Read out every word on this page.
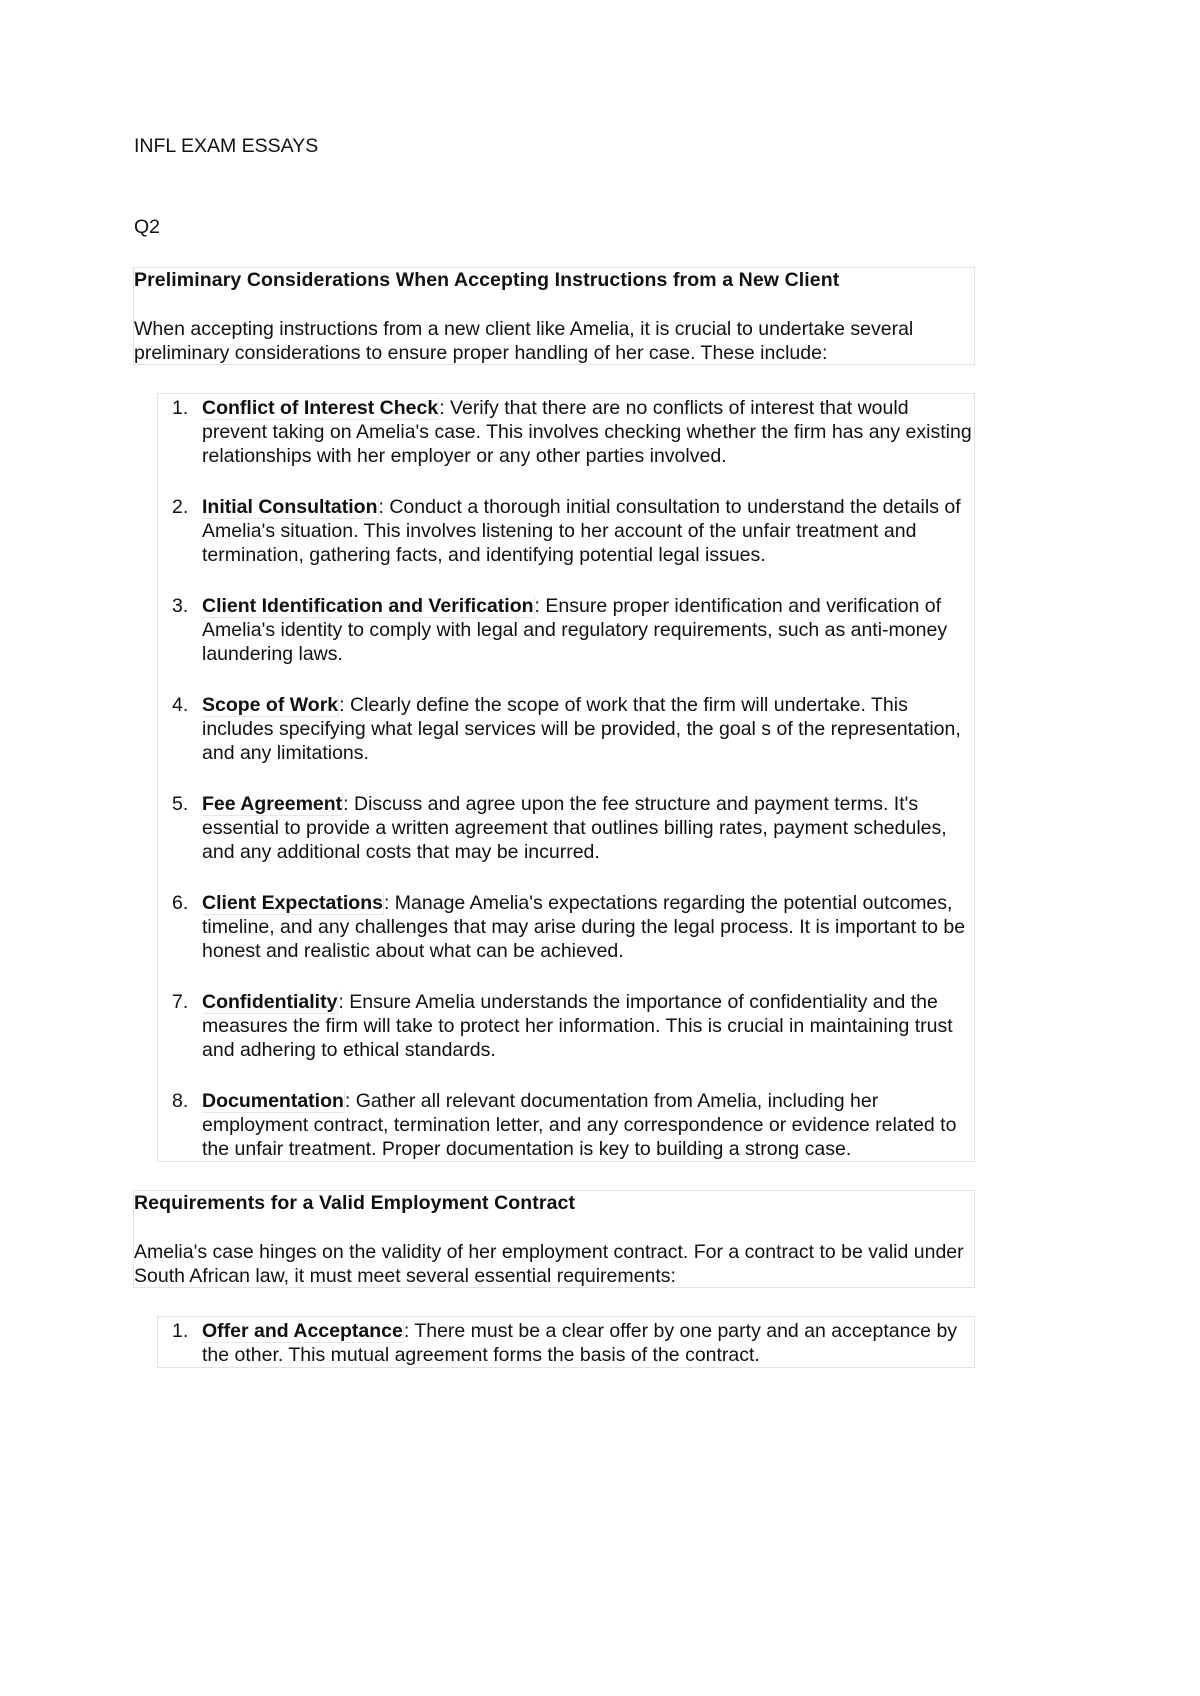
INFL EXAM ESSAYS
Q2
Preliminary Considerations When Accepting Instructions from a New Client

When accepting instructions from a new client like Amelia, it is crucial to undertake several preliminary considerations to ensure proper handling of her case. These include:

1. Conflict of Interest Check: Verify that there are no conflicts of interest that would prevent taking on Amelia's case. This involves checking whether the firm has any existing relationships with her employer or any other parties involved.
2. Initial Consultation: Conduct a thorough initial consultation to understand the details of Amelia's situation. This involves listening to her account of the unfair treatment and termination, gathering facts, and identifying potential legal issues.
3. Client Identification and Verification: Ensure proper identification and verification of Amelia's identity to comply with legal and regulatory requirements, such as anti-money laundering laws.
4. Scope of Work: Clearly define the scope of work that the firm will undertake. This includes specifying what legal services will be provided, the goal s of the representation, and any limitations.
5. Fee Agreement: Discuss and agree upon the fee structure and payment terms. It's essential to provide a written agreement that outlines billing rates, payment schedules, and any additional costs that may be incurred.
6. Client Expectations: Manage Amelia's expectations regarding the potential outcomes, timeline, and any challenges that may arise during the legal process. It is important to be honest and realistic about what can be achieved.
7. Confidentiality: Ensure Amelia understands the importance of confidentiality and the measures the firm will take to protect her information. This is crucial in maintaining trust and adhering to ethical standards.
8. Documentation: Gather all relevant documentation from Amelia, including her employment contract, termination letter, and any correspondence or evidence related to the unfair treatment. Proper documentation is key to building a strong case.
Requirements for a Valid Employment Contract

Amelia's case hinges on the validity of her employment contract. For a contract to be valid under South African law, it must meet several essential requirements:

1. Offer and Acceptance: There must be a clear offer by one party and an acceptance by the other. This mutual agreement forms the basis of the contract.
